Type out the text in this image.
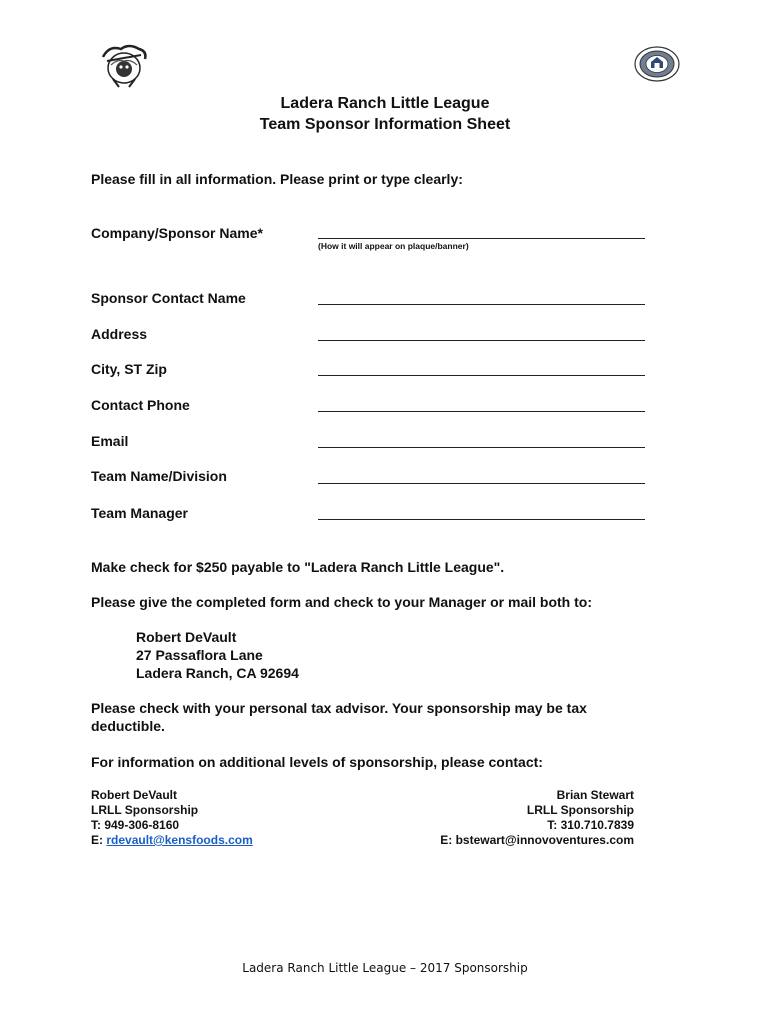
Ladera Ranch Little League
Team Sponsor Information Sheet
Please fill in all information. Please print or type clearly:
Company/Sponsor Name*
(How it will appear on plaque/banner)
Sponsor Contact Name
Address
City, ST Zip
Contact Phone
Email
Team Name/Division
Team Manager
Make check for $250 payable to "Ladera Ranch Little League".
Please give the completed form and check to your Manager or mail both to:
Robert DeVault
27 Passaflora Lane
Ladera Ranch, CA 92694
Please check with your personal tax advisor. Your sponsorship may be tax
deductible.
For information on additional levels of sponsorship, please contact:
Robert DeVault
LRLL Sponsorship
T: 949-306-8160
E: rdevault@kensfoods.com
Brian Stewart
LRLL Sponsorship
T: 310.710.7839
E: bstewart@innovoventures.com
Ladera Ranch Little League – 2017 Sponsorship
